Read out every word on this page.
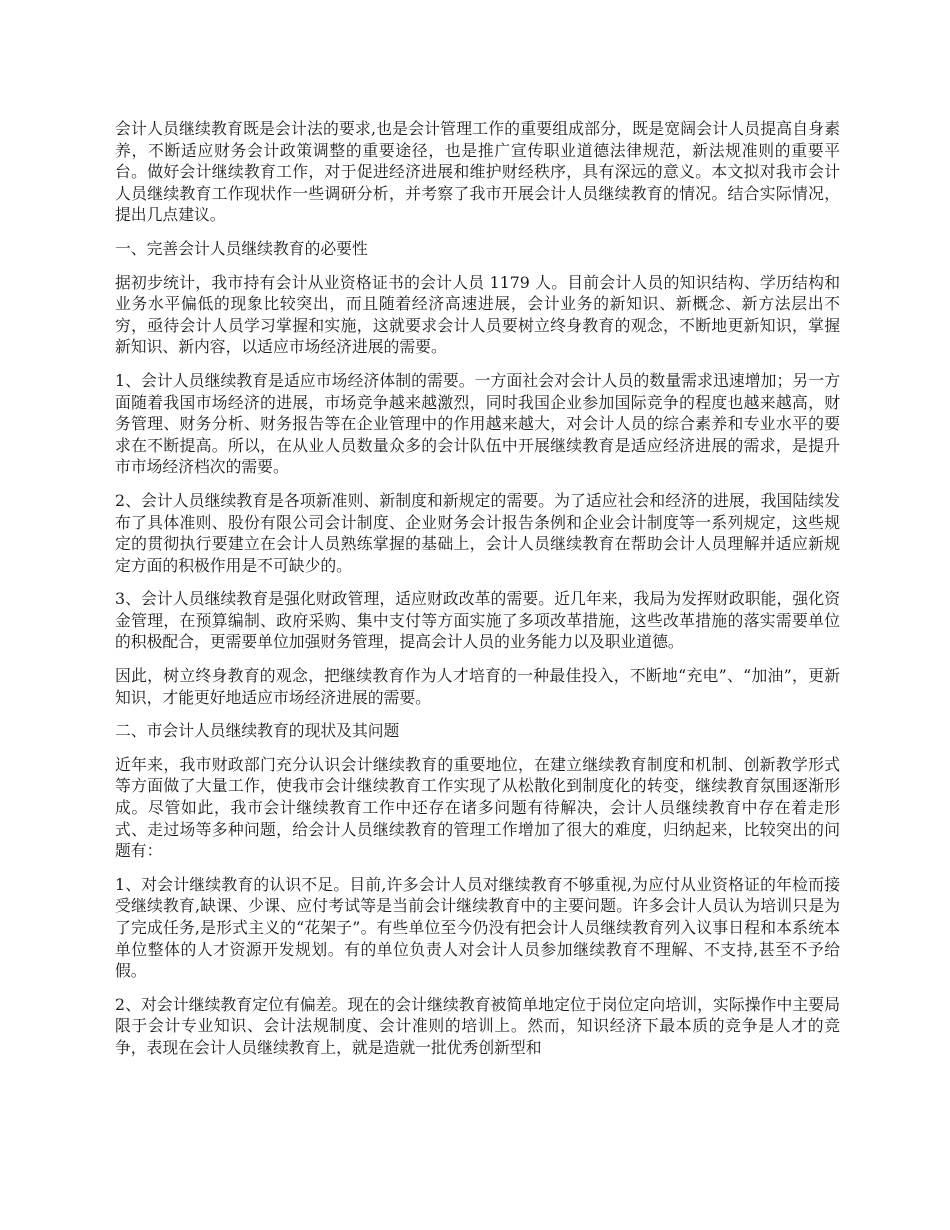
会计人员继续教育既是会计法的要求,也是会计管理工作的重要组成部分，既是宽阔会计人员提高自身素养，不断适应财务会计政策调整的重要途径，也是推广宣传职业道德法律规范，新法规准则的重要平台。做好会计继续教育工作，对于促进经济进展和维护财经秩序，具有深远的意义。本文拟对我市会计人员继续教育工作现状作一些调研分析，并考察了我市开展会计人员继续教育的情况。结合实际情况，提出几点建议。

一、完善会计人员继续教育的必要性

据初步统计，我市持有会计从业资格证书的会计人员 1179 人。目前会计人员的知识结构、学历结构和业务水平偏低的现象比较突出，而且随着经济高速进展，会计业务的新知识、新概念、新方法层出不穷，亟待会计人员学习掌握和实施，这就要求会计人员要树立终身教育的观念，不断地更新知识，掌握新知识、新内容，以适应市场经济进展的需要。

1、会计人员继续教育是适应市场经济体制的需要。一方面社会对会计人员的数量需求迅速增加；另一方面随着我国市场经济的进展，市场竞争越来越激烈，同时我国企业参加国际竞争的程度也越来越高，财务管理、财务分析、财务报告等在企业管理中的作用越来越大，对会计人员的综合素养和专业水平的要求在不断提高。所以，在从业人员数量众多的会计队伍中开展继续教育是适应经济进展的需求，是提升市市场经济档次的需要。

2、会计人员继续教育是各项新准则、新制度和新规定的需要。为了适应社会和经济的进展，我国陆续发布了具体准则、股份有限公司会计制度、企业财务会计报告条例和企业会计制度等一系列规定，这些规定的贯彻执行要建立在会计人员熟练掌握的基础上，会计人员继续教育在帮助会计人员理解并适应新规定方面的积极作用是不可缺少的。

3、会计人员继续教育是强化财政管理，适应财政改革的需要。近几年来，我局为发挥财政职能，强化资金管理，在预算编制、政府采购、集中支付等方面实施了多项改革措施，这些改革措施的落实需要单位的积极配合，更需要单位加强财务管理，提高会计人员的业务能力以及职业道德。

因此，树立终身教育的观念，把继续教育作为人才培育的一种最佳投入，不断地“充电”、“加油”，更新知识，才能更好地适应市场经济进展的需要。

二、市会计人员继续教育的现状及其问题

近年来，我市财政部门充分认识会计继续教育的重要地位，在建立继续教育制度和机制、创新教学形式等方面做了大量工作，使我市会计继续教育工作实现了从松散化到制度化的转变，继续教育氛围逐渐形成。尽管如此，我市会计继续教育工作中还存在诸多问题有待解决，会计人员继续教育中存在着走形式、走过场等多种问题，给会计人员继续教育的管理工作增加了很大的难度，归纳起来，比较突出的问题有：

1、对会计继续教育的认识不足。目前,许多会计人员对继续教育不够重视,为应付从业资格证的年检而接受继续教育,缺课、少课、应付考试等是当前会计继续教育中的主要问题。许多会计人员认为培训只是为了完成任务,是形式主义的“花架子”。有些单位至今仍没有把会计人员继续教育列入议事日程和本系统本单位整体的人才资源开发规划。有的单位负责人对会计人员参加继续教育不理解、不支持,甚至不予给假。

2、对会计继续教育定位有偏差。现在的会计继续教育被简单地定位于岗位定向培训，实际操作中主要局限于会计专业知识、会计法规制度、会计准则的培训上。然而，知识经济下最本质的竞争是人才的竞争，表现在会计人员继续教育上，就是造就一批优秀创新型和
